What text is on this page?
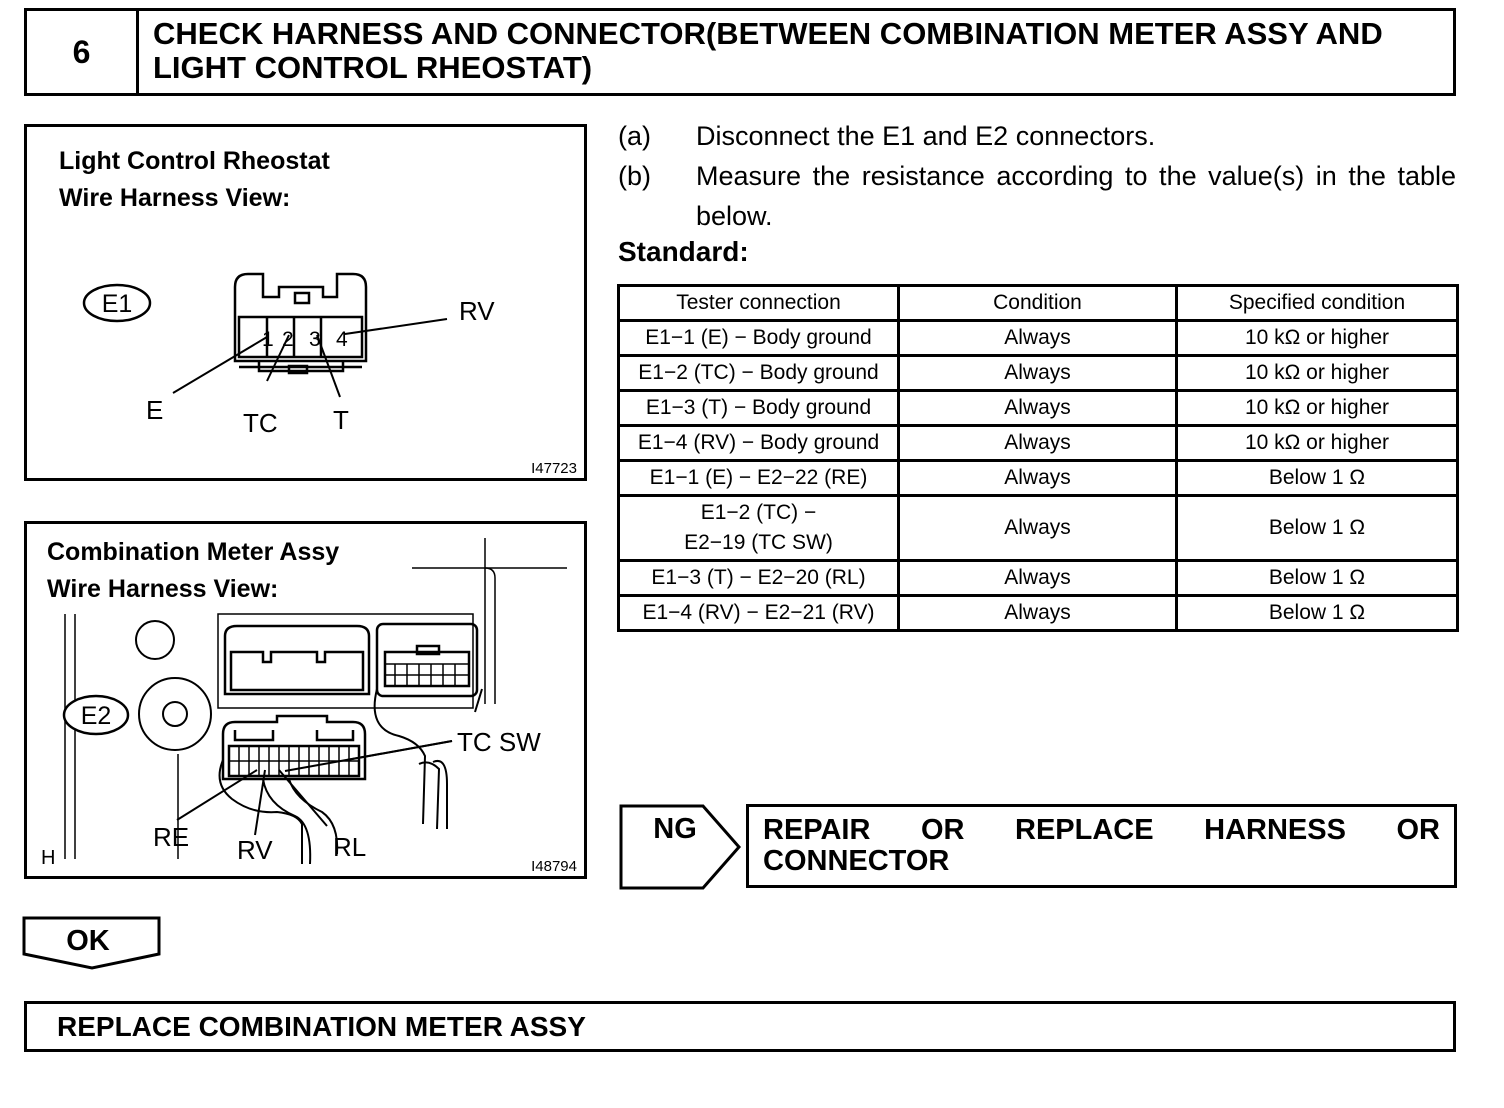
6	CHECK HARNESS AND CONNECTOR(BETWEEN COMBINATION METER ASSY AND LIGHT CONTROL RHEOSTAT)
Light Control Rheostat
Wire Harness View:
E1
1 2 3 4
RV
E	TC T
I47723
Combination Meter Assy
Wire Harness View:
E2
TC SW
RE RV RL
H	I48794
(a) Disconnect the E1 and E2 connectors.
(b) Measure the resistance according to the value(s) in the table below.
Standard:
Tester connection	Condition	Specified condition
E1−1 (E) − Body ground	Always	10 kΩ or higher
E1−2 (TC) − Body ground	Always	10 kΩ or higher
E1−3 (T) − Body ground	Always	10 kΩ or higher
E1−4 (RV) − Body ground	Always	10 kΩ or higher
E1−1 (E) − E2−22 (RE)	Always	Below 1 Ω

E1−2 (TC) −
E2−19 (TC SW)	Always	Below 1 Ω
E1−3 (T) − E2−20 (RL)	Always	Below 1 Ω
E1−4 (RV) − E2−21 (RV)	Always	Below 1 Ω
NG REPAIR OR REPLACE HARNESS OR CONNECTOR
OK
REPLACE COMBINATION METER ASSY
